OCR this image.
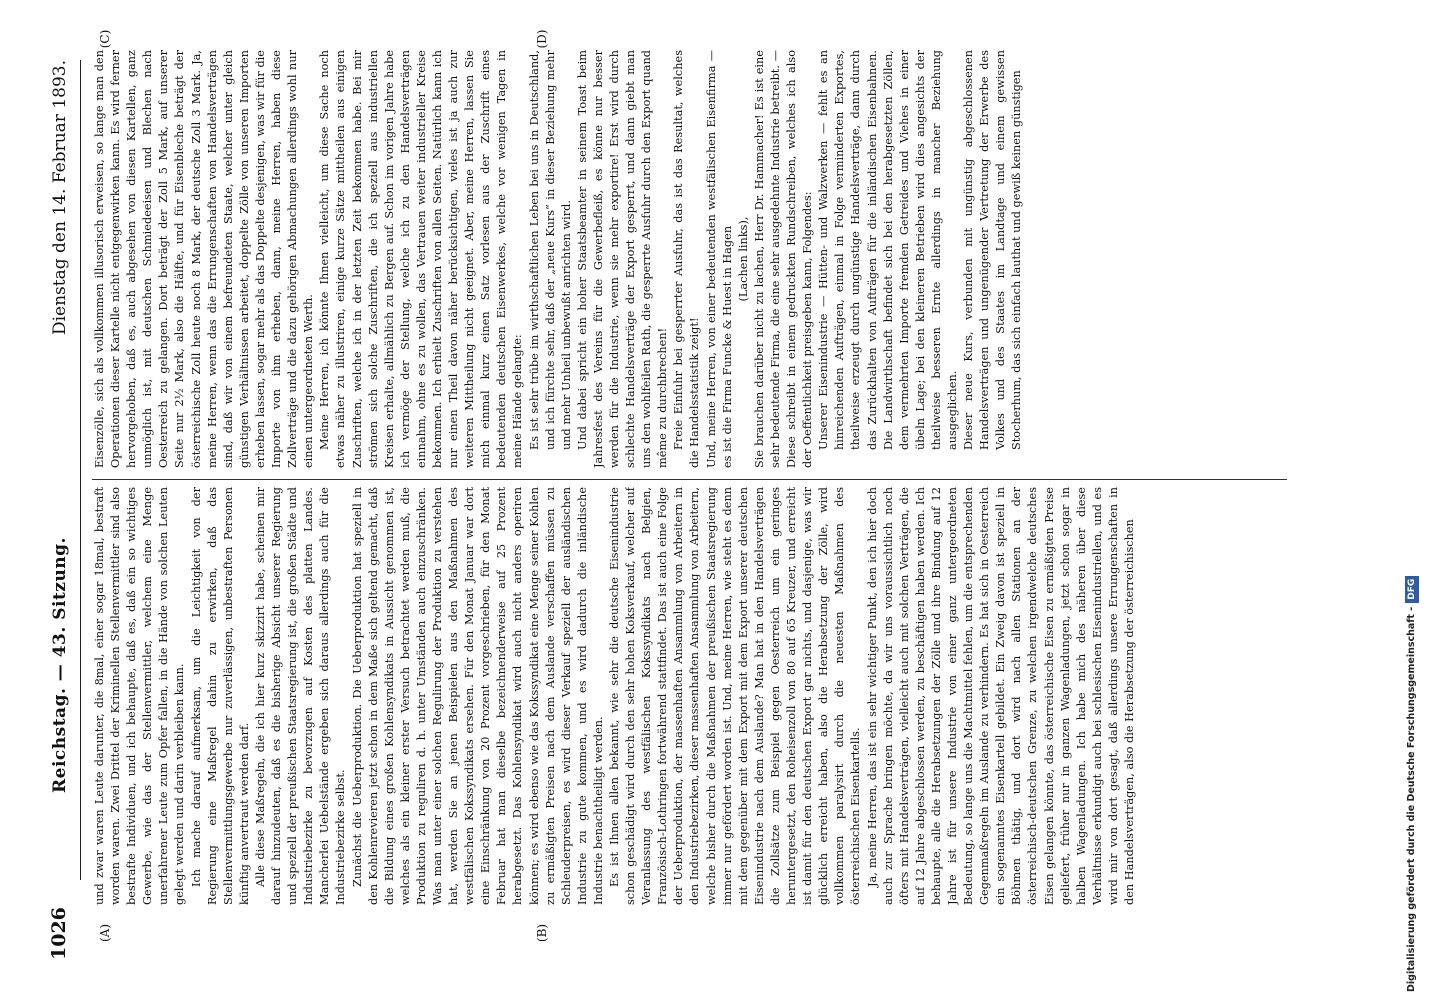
1026
Reichstag. — 43. Sitzung.
Dienstag den 14. Februar 1893.
(A)	(B)
(C)	(D)

und zwar waren Leute darunter, die 8mal, einer sogar 18mal, bestraft worden waren. Zwei Drittel der Kriminellen Stellenvermittler sind also bestrafte Individuen, und ich behaupte, daß es, daß ein so wichtiges Gewerbe, wie das der Stellenvermittler, welchem eine Menge unerfahrener Leute zum Opfer fallen, in die Hände von solchen Leuten gelegt werden und darin verbleiben kann. Ich mache darauf aufmerksam, um die Leichtigkeit von der Regierung eine Maßregel dahin zu erwirken, daß das Stellenvermittlungsgewerbe nur zuverlässigen, unbestraften Personen künftig anvertraut werden darf. Alle diese Maßregeln, die ich hier kurz skizzirt habe, scheinen mir darauf hinzudeuten, daß es die bisherige Absicht unserer Regierung und speziell der preußischen Staatsregierung ist, die großen Städte und Industriebezirke zu bevorzugen auf Kosten des platten Landes. Mancherlei Uebelstände ergeben sich daraus allerdings auch für die Industriebezirke selbst. Zunächst die Ueberproduktion. Die Ueberproduktion hat speziell in den Kohlenrevieren jetzt schon in dem Maße sich geltend gemacht, daß die Bildung eines großen Kohlensyndikats in Aussicht genommen ist, welches als ein kleiner erster Versuch betrachtet werden muß, die Produktion zu reguliren d. h. unter Umständen auch einzuschränken. Was man unter einer solchen Regulirung der Produktion zu verstehen hat, werden Sie an jenen Beispielen aus den Maßnahmen des westfälischen Kokssyndikats ersehen. Für den Monat Januar war dort eine Einschränkung von 20 Prozent vorgeschrieben, für den Monat Februar hat man dieselbe bezeichnenderweise auf 25 Prozent herabgesetzt. Das Kohlensyndikat wird auch nicht anders operiren können; es wird ebenso wie das Kokssyndikat eine Menge seiner Kohlen zu ermäßigten Preisen nach dem Auslande verschaffen müssen zu Schleuderpreisen, es wird dieser Verkauf speziell der ausländischen Industrie zu gute kommen, und es wird dadurch die inländische Industrie benachtheiligt werden. Es ist Ihnen allen bekannt, wie sehr die deutsche Eisenindustrie schon geschädigt wird durch den sehr hohen Koksverkauf, welcher auf Veranlassung des westfälischen Kokssyndikats nach Belgien, Französisch-Lothringen fortwährend stattfindet. Das ist auch eine Folge der Ueberproduktion, der massenhaften Ansammlung von Arbeitern in den Industriebezirken, dieser massenhaften Ansammlung von Arbeitern, welche bisher durch die Maßnahmen der preußischen Staatsregierung immer nur gefördert worden ist. Und, meine Herren, wie steht es denn mit dem gegenüber mit dem Export mit dem Export unserer deutschen Eisenindustrie nach dem Auslande? Man hat in den Handelsverträgen die Zollsätze zum Beispiel gegen Oesterreich um ein geringes heruntergesetzt, den Roheisenzoll von 80 auf 65 Kreuzer, und erreicht ist damit für den deutschen Export gar nichts, und dasjenige, was wir glücklich erreicht haben, also die Herabsetzung der Zölle, wird vollkommen paralysirt durch die neuesten Maßnahmen des österreichischen Eisenkartells. Ja, meine Herren, das ist ein sehr wichtiger Punkt, den ich hier doch auch zur Sprache bringen möchte, da wir uns voraussichtlich noch öfters mit Handelsverträgen, vielleicht auch mit solchen Verträgen, die auf 12 Jahre abgeschlossen werden, zu beschäftigen haben werden. Ich behaupte, alle die Herabsetzungen der Zölle und ihre Bindung auf 12 Jahre ist für unsere Industrie von einer ganz untergeordneten Bedeutung, so lange uns die Machtmittel fehlen, um die entsprechenden Gegenmaßregeln im Auslande zu verhindern. Es hat sich in Oesterreich ein sogenanntes Eisenkartell gebildet. Ein Zweig davon ist speziell in Böhmen thätig, und dort wird nach allen Stationen an der österreichisch-deutschen Grenze, zu welchen irgendwelche deutsches Eisen gelangen könnte, das österreichische Eisen zu ermäßigten Preise geliefert, früher nur in ganzen Wagenladungen, jetzt schon sogar in halben Wagenladungen. Ich habe mich des näheren über diese Verhältnisse erkundigt auch bei schlesischen Eisenindustriellen, und es wird mir von dort gesagt, daß allerdings unsere Errungenschaften in den Handelsverträgen, also die Herabsetzung der österreichischen

Eisenzölle, sich als vollkommen illusorisch erweisen, so lange man den Operationen dieser Kartelle nicht entgegenwirken kann. Es wird ferner hervorgehoben, daß es, auch abgesehen von diesen Kartellen, ganz unmöglich ist, mit deutschen Schmiedeeisen und Blechen nach Oesterreich zu gelangen. Dort beträgt der Zoll 5 Mark, auf unserer Seite nur 2½ Mark, also die Hälfte, und für Eisenbleche beträgt der österreichische Zoll heute noch 8 Mark, der deutsche Zoll 3 Mark. Ja, meine Herren, wenn das die Errungenschaften von Handelsverträgen sind, daß wir von einem befreundeten Staate, welcher unter gleich günstigen Verhältnissen arbeitet, doppelte Zölle von unseren Importen erheben lassen, sogar mehr als das Doppelte desjenigen, was wir für die Importe von ihm erheben, dann, meine Herren, haben diese Zollverträge und die dazu gehörigen Abmachungen allerdings wohl nur einen untergeordneten Werth. Meine Herren, ich könnte Ihnen vielleicht, um diese Sache noch etwas näher zu illustriren, einige kurze Sätze mittheilen aus einigen Zuschriften, welche ich in der letzten Zeit bekommen habe. Bei mir strömen sich solche Zuschriften, die ich speziell aus industriellen Kreisen erhalte, allmählich zu Bergen auf. Schon im vorigen Jahre habe ich vermöge der Stellung, welche ich zu den Handelsverträgen einnahm, ohne es zu wollen, das Vertrauen weiter industrieller Kreise bekommen. Ich erhielt Zuschriften von allen Seiten. Natürlich kann ich nur einen Theil davon näher berücksichtigen, vieles ist ja auch zur weiteren Mittheilung nicht geeignet. Aber, meine Herren, lassen Sie mich einmal kurz einen Satz vorlesen aus der Zuschrift eines bedeutenden deutschen Eisenwerkes, welche vor wenigen Tagen in meine Hände gelangte: Es ist sehr trübe im wirthschaftlichen Leben bei uns in Deutschland, und ich fürchte sehr, daß der „neue Kurs“ in dieser Beziehung mehr und mehr Unheil unbewußt anrichten wird. Und dabei spricht ein hoher Staatsbeamter in seinem Toast beim Jahresfest des Vereins für die Gewerbefleiß, es könne nur besser werden für die Industrie, wenn sie mehr exportire! Erst wird durch schlechte Handelsverträge der Export gesperrt, und dann giebt man uns den wohlfeilen Rath, die gesperrte Ausfuhr durch den Export quand même zu durchbrechen! Freie Einfuhr bei gesperrter Ausfuhr, das ist das Resultat, welches die Handelsstatistik zeigt! Und, meine Herren, von einer bedeutenden westfälischen Eisenfirma — es ist die Firma Funcke & Huest in Hagen (Lachen links), Sie brauchen darüber nicht zu lachen, Herr Dr. Hammacher! Es ist eine sehr bedeutende Firma, die eine sehr ausgedehnte Industrie betreibt. — Diese schreibt in einem gedruckten Rundschreiben, welches ich also der Oeffentlichkeit preisgeben kann, Folgendes: Unserer Eisenindustrie — Hütten- und Walzwerken — fehlt es an hinreichenden Aufträgen, einmal in Folge verminderten Exportes, theilweise erzeugt durch ungünstige Handelsverträge, dann durch das Zurückhalten von Aufträgen für die inländischen Eisenbahnen. Die Landwirthschaft befindet sich bei den herabgesetzten Zöllen, dem vermehrten Importe fremden Getreides und Viehes in einer übeln Lage; bei den kleineren Betrieben wird dies angesichts der theilweise besseren Ernte allerdings in mancher Beziehung ausgeglichen. Dieser neue Kurs, verbunden mit ungünstig abgeschlossenen Handelsverträgen und ungenügender Vertretung der Erwerbe des Volkes und des Staates im Landtage und einem gewissen Stocherhum, das sich einfach lauthat und gewiß keinen günstigen

Digitalisierung gefördert durch die Deutsche Forschungsgemeinschaft -DFG
